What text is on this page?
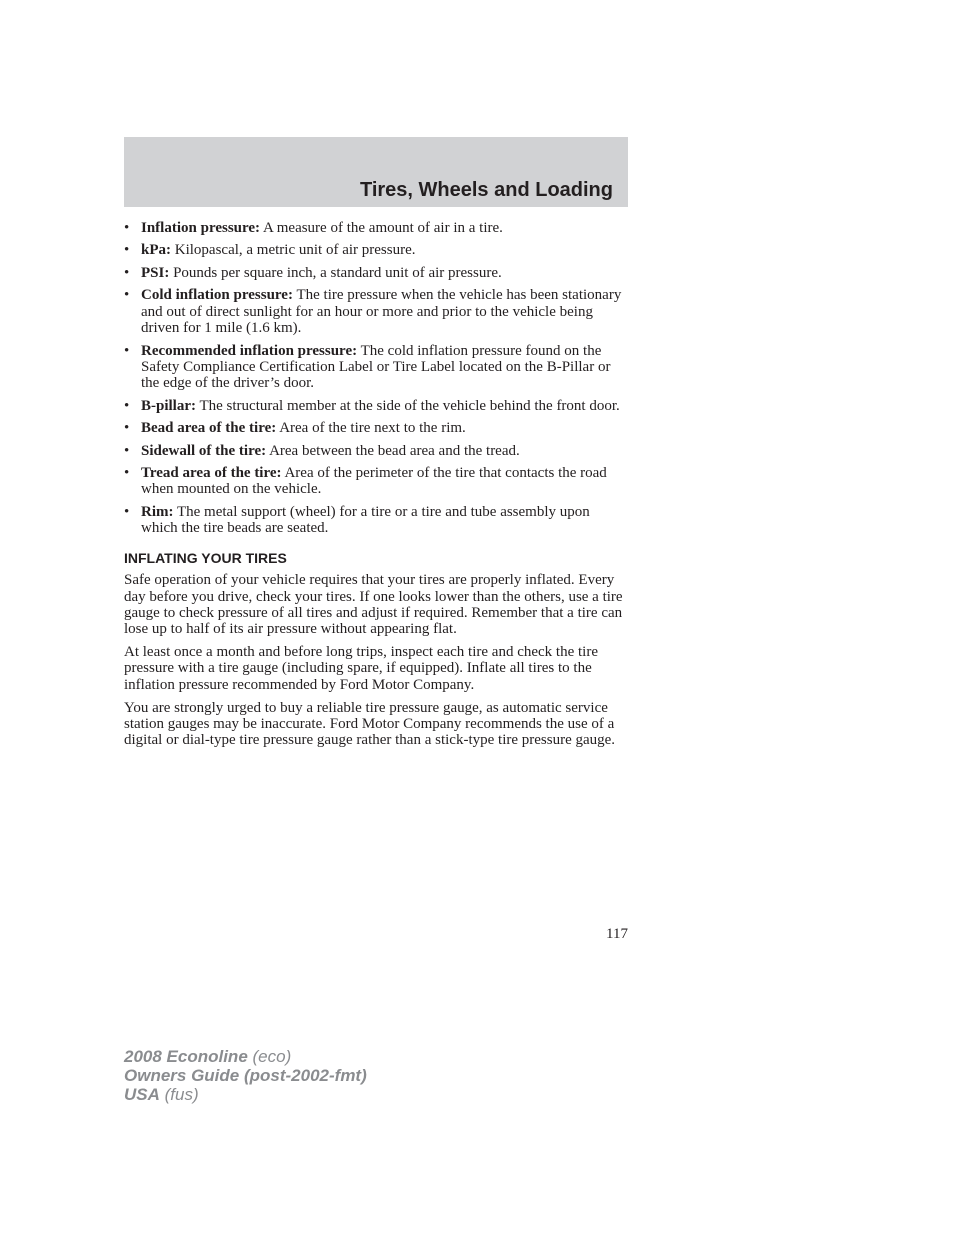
Tires, Wheels and Loading
• Inflation pressure: A measure of the amount of air in a tire.
• kPa: Kilopascal, a metric unit of air pressure.
• PSI: Pounds per square inch, a standard unit of air pressure.
• Cold inflation pressure: The tire pressure when the vehicle has been stationary and out of direct sunlight for an hour or more and prior to the vehicle being driven for 1 mile (1.6 km).
• Recommended inflation pressure: The cold inflation pressure found on the Safety Compliance Certification Label or Tire Label located on the B-Pillar or the edge of the driver’s door.
• B-pillar: The structural member at the side of the vehicle behind the front door.
• Bead area of the tire: Area of the tire next to the rim.
• Sidewall of the tire: Area between the bead area and the tread.
• Tread area of the tire: Area of the perimeter of the tire that contacts the road when mounted on the vehicle.
• Rim: The metal support (wheel) for a tire or a tire and tube assembly upon which the tire beads are seated.
INFLATING YOUR TIRES

Safe operation of your vehicle requires that your tires are properly inflated. Every day before you drive, check your tires. If one looks lower than the others, use a tire gauge to check pressure of all tires and adjust if required. Remember that a tire can lose up to half of its air pressure without appearing flat.

At least once a month and before long trips, inspect each tire and check the tire pressure with a tire gauge (including spare, if equipped). Inflate all tires to the inflation pressure recommended by Ford Motor Company.

You are strongly urged to buy a reliable tire pressure gauge, as automatic service station gauges may be inaccurate. Ford Motor Company recommends the use of a digital or dial-type tire pressure gauge rather than a stick-type tire pressure gauge.

117
2008 Econoline (eco)
Owners Guide (post-2002-fmt)
USA (fus)
